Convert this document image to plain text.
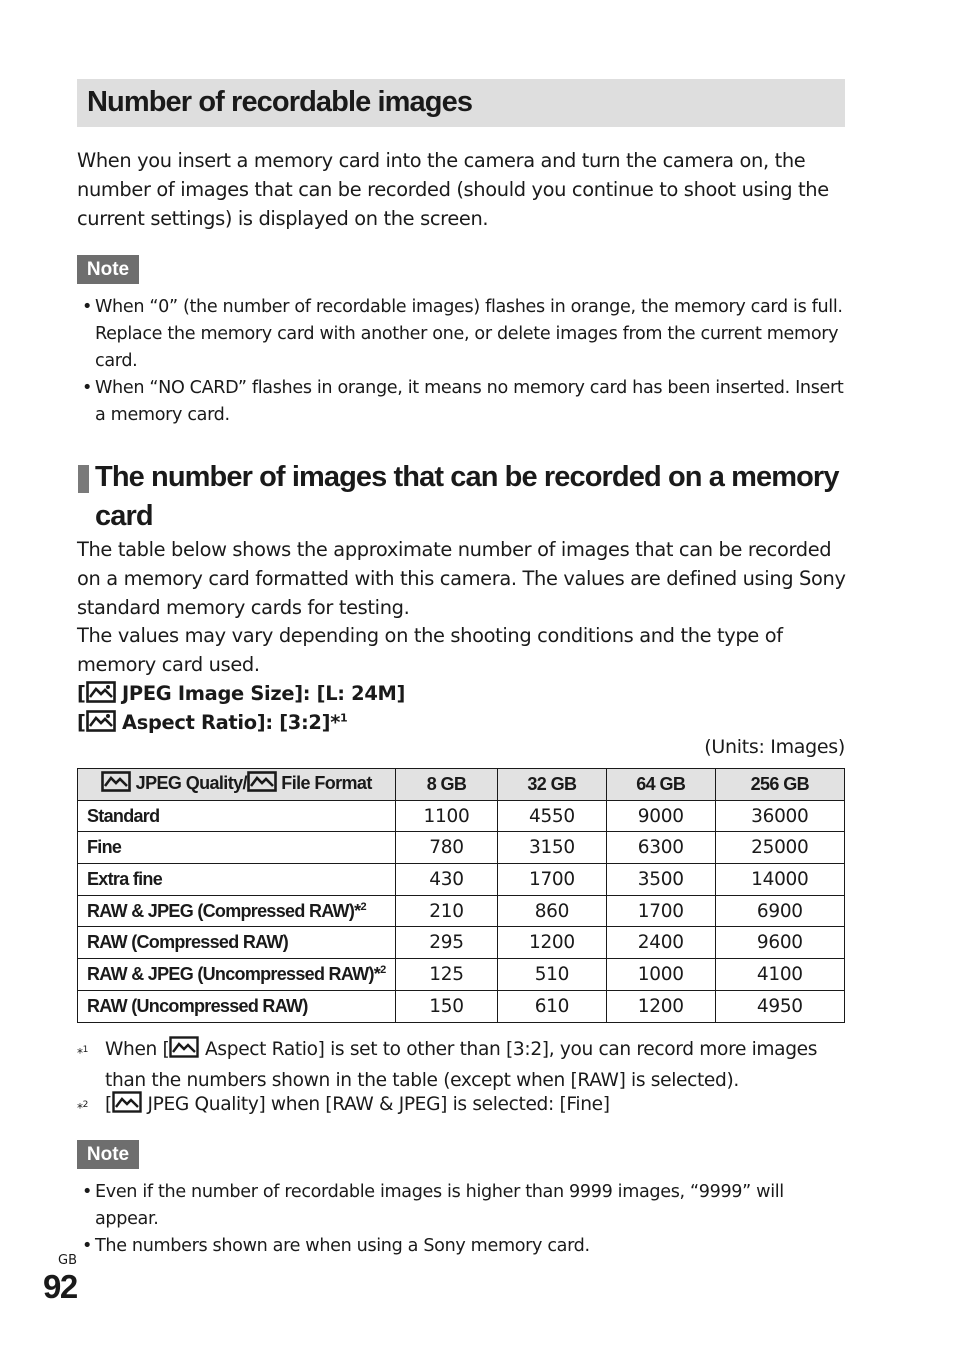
Number of recordable images

When you insert a memory card into the camera and turn the camera on, the number of images that can be recorded (should you continue to shoot using the current settings) is displayed on the screen.

Note
• When “0” (the number of recordable images) flashes in orange, the memory card is full. Replace the memory card with another one, or delete images from the current memory card.
• When “NO CARD” flashes in orange, it means no memory card has been inserted. Insert a memory card.
The number of images that can be recorded on a memory card

The table below shows the approximate number of images that can be recorded on a memory card formatted with this camera. The values are defined using Sony standard memory cards for testing.

The values may vary depending on the shooting conditions and the type of memory card used.

[ JPEG Image Size]: [L: 24M]
[ Aspect Ratio]: [3:2]*$^1$
(Units: Images)
JPEG Quality/ File Format	8 GB	32 GB	64 GB	256 GB
Standard	1100	4550	9000	36000
Fine	780	3150	6300	25000
Extra fine	430	1700	3500	14000
RAW & JPEG (Compressed RAW)*$^2$	210	860	1700	6900
RAW (Compressed RAW)	295	1200	2400	9600
RAW & JPEG (Uncompressed RAW)*$^2$	125	510	1000	4100
RAW (Uncompressed RAW)	150	610	1200	4950
*$^1$ When [ Aspect Ratio] is set to other than [3:2], you can record more images than the numbers shown in the table (except when [RAW] is selected).
*$^2$ [ JPEG Quality] when [RAW & JPEG] is selected: [Fine]
Note
• Even if the number of recordable images is higher than 9999 images, “9999” will appear.
• The numbers shown are when using a Sony memory card.
GB
92
